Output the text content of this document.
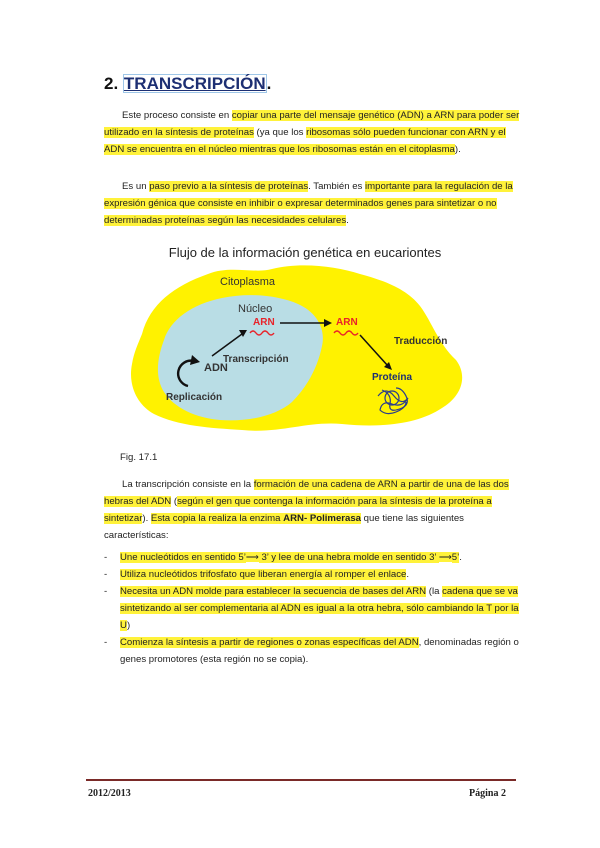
2. TRANSCRIPCIÓN.
Este proceso consiste en copiar una parte del mensaje genético (ADN) a ARN para poder ser utilizado en la síntesis de proteínas (ya que los ribosomas sólo pueden funcionar con ARN y el ADN se encuentra en el núcleo mientras que los ribosomas están en el citoplasma).
Es un paso previo a la síntesis de proteínas. También es importante para la regulación de la expresión génica que consiste en inhibir o expresar determinados genes para sintetizar o no determinadas proteínas según las necesidades celulares.
Flujo de la información genética en eucariontes
Citoplasma
Núcleo
ARN	ARN
ADN
Transcripción
Replicación
Traducción
Proteína
Fig. 17.1
La transcripción consiste en la formación de una cadena de ARN a partir de una de las dos hebras del ADN (según el gen que contenga la información para la síntesis de la proteína a sintetizar). Esta copia la realiza la enzima ARN- Polimerasa que tiene las siguientes características:
- Une nucleótidos en sentido 5’⟶ 3’ y lee de una hebra molde en sentido 3’ ⟶5’.
- Utiliza nucleótidos trifosfato que liberan energía al romper el enlace.
- Necesita un ADN molde para establecer la secuencia de bases del ARN (la cadena que se va sintetizando al ser complementaria al ADN es igual a la otra hebra, sólo cambiando la T por la U)
- Comienza la síntesis a partir de regiones o zonas específicas del ADN, denominadas región o genes promotores (esta región no se copia).
2012/2013	Página 2
